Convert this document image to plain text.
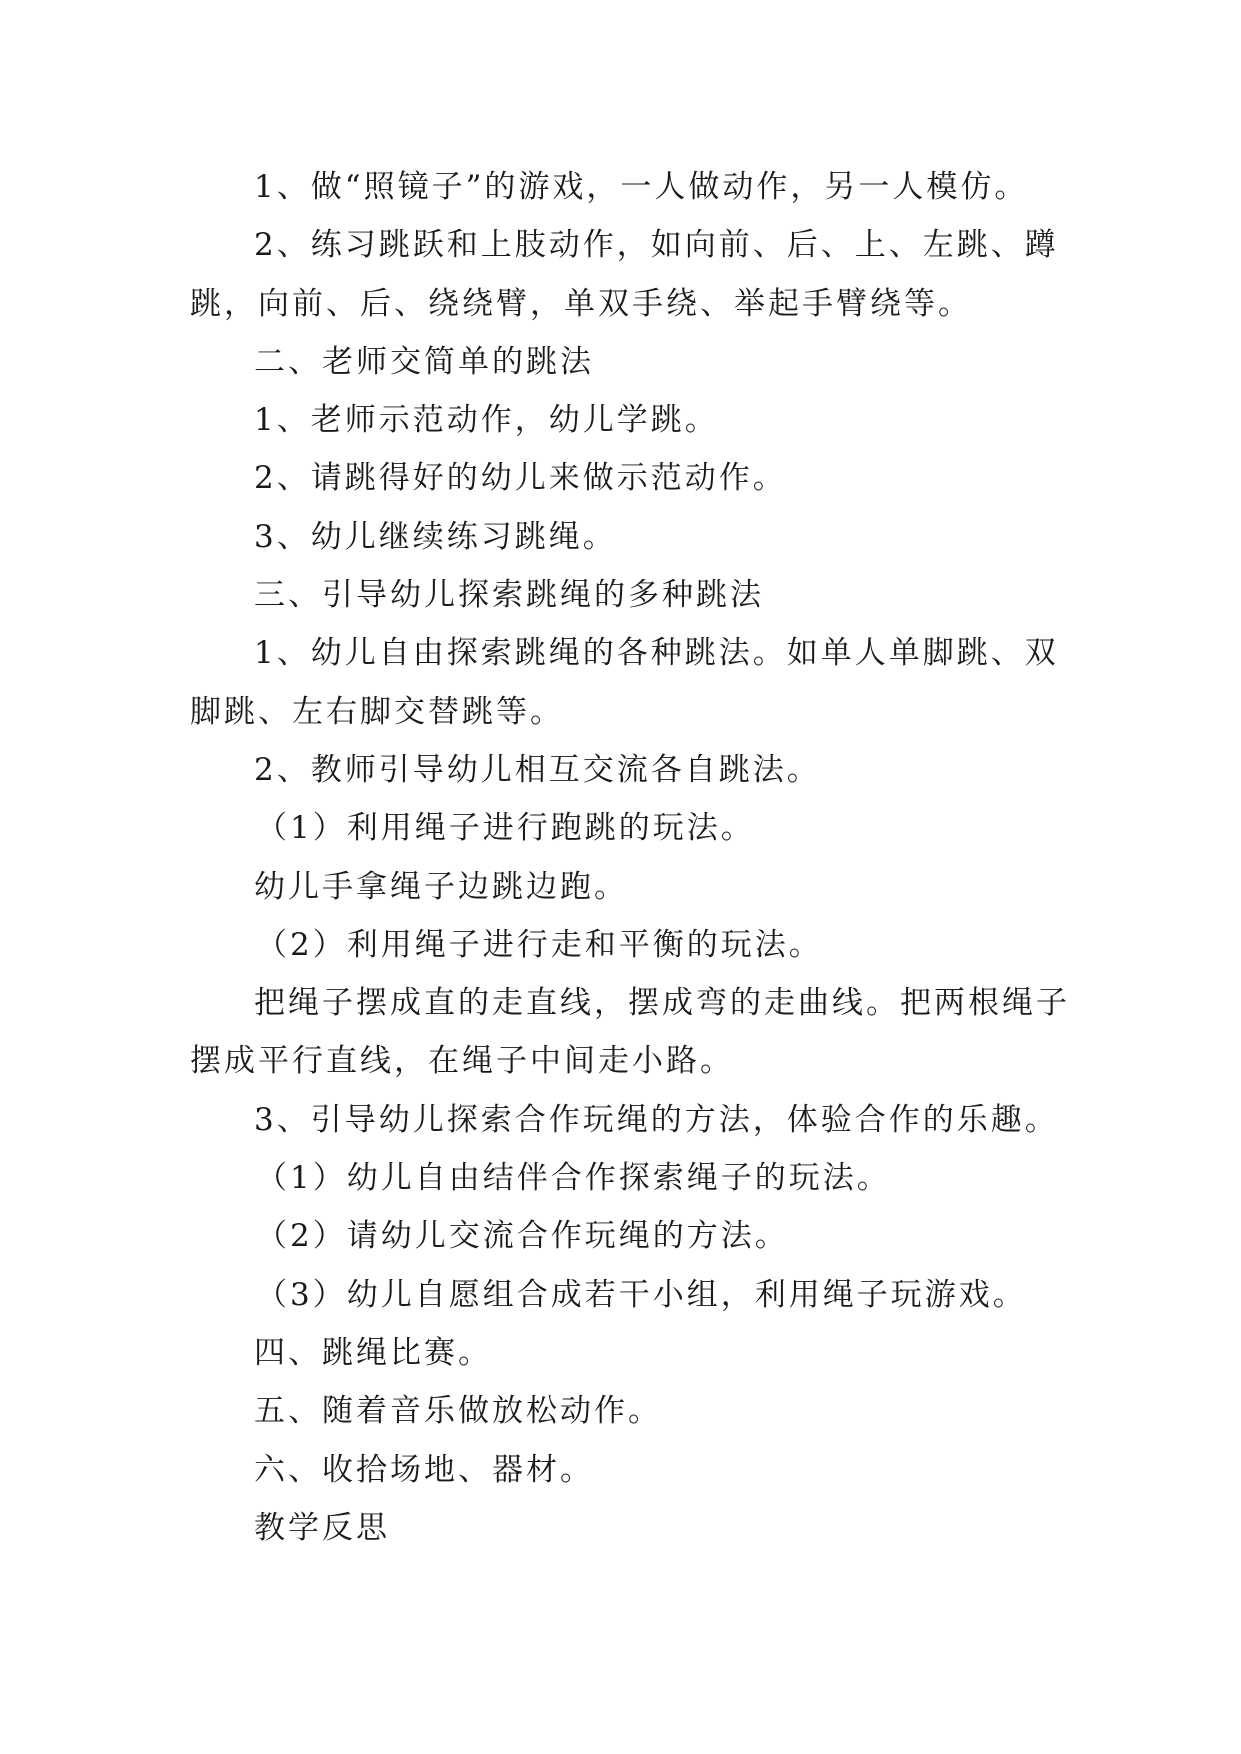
1、做“照镜子”的游戏，一人做动作，另一人模仿。
2、练习跳跃和上肢动作，如向前、后、上、左跳、蹲
跳，向前、后、绕绕臂，单双手绕、举起手臂绕等。
二、老师交简单的跳法
1、老师示范动作，幼儿学跳。
2、请跳得好的幼儿来做示范动作。
3、幼儿继续练习跳绳。
三、引导幼儿探索跳绳的多种跳法
1、幼儿自由探索跳绳的各种跳法。如单人单脚跳、双
脚跳、左右脚交替跳等。
2、教师引导幼儿相互交流各自跳法。
（1）利用绳子进行跑跳的玩法。
幼儿手拿绳子边跳边跑。
（2）利用绳子进行走和平衡的玩法。
把绳子摆成直的走直线，摆成弯的走曲线。把两根绳子
摆成平行直线，在绳子中间走小路。
3、引导幼儿探索合作玩绳的方法，体验合作的乐趣。
（1）幼儿自由结伴合作探索绳子的玩法。
（2）请幼儿交流合作玩绳的方法。
（3）幼儿自愿组合成若干小组，利用绳子玩游戏。
四、跳绳比赛。
五、随着音乐做放松动作。
六、收拾场地、器材。
教学反思
